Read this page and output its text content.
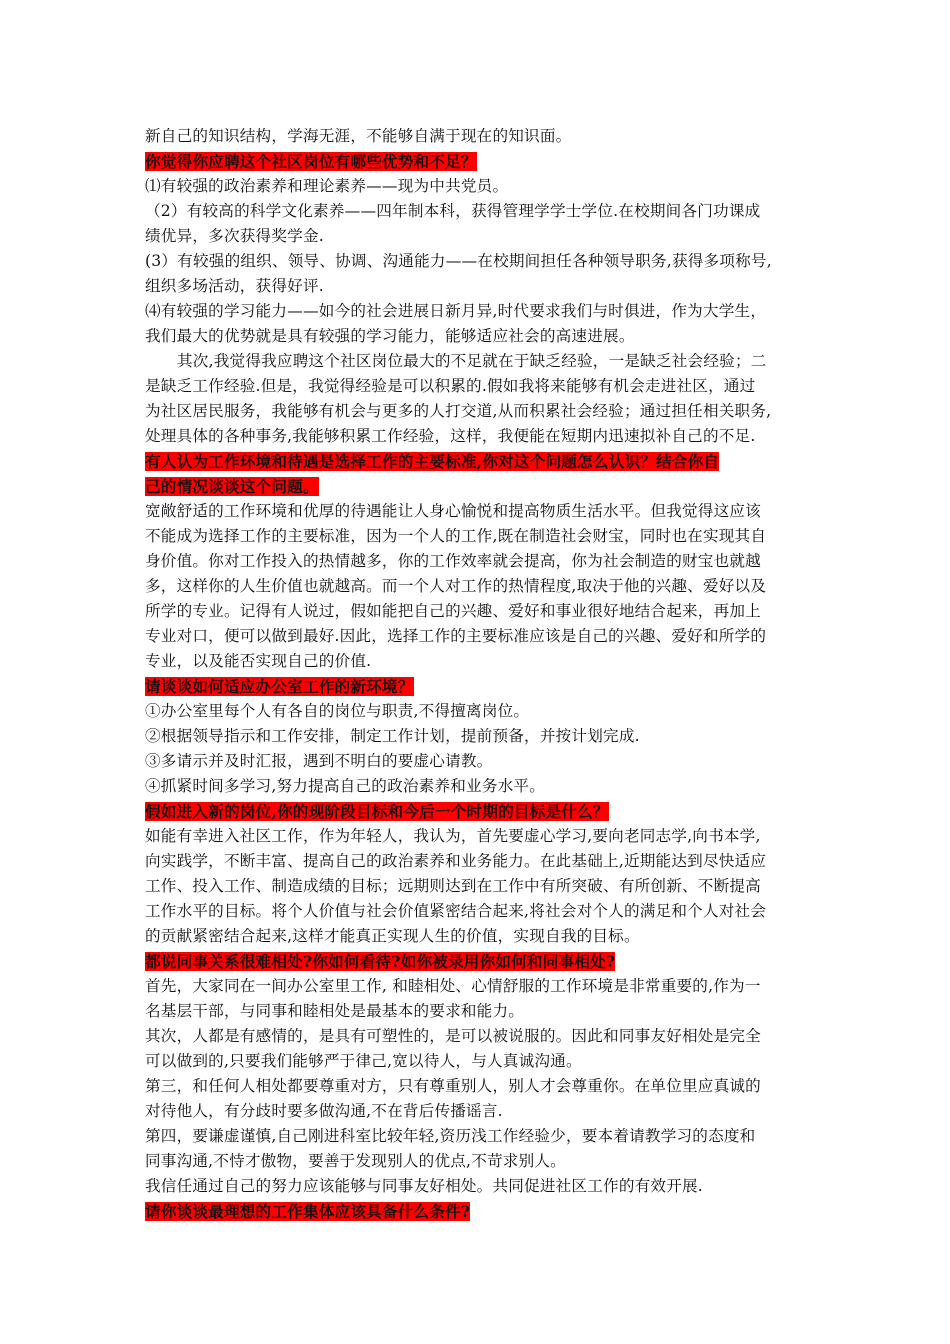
新自己的知识结构，学海无涯，不能够自满于现在的知识面。
你觉得你应聘这个社区岗位有哪些优势和不足？
⑴有较强的政治素养和理论素养——现为中共党员。
（2）有较高的科学文化素养——四年制本科，获得管理学学士学位.在校期间各门功课成
绩优异，多次获得奖学金.
(3）有较强的组织、领导、协调、沟通能力——在校期间担任各种领导职务,获得多项称号,
组织多场活动，获得好评.
⑷有较强的学习能力——如今的社会进展日新月异,时代要求我们与时俱进，作为大学生，
我们最大的优势就是具有较强的学习能力，能够适应社会的高速进展。
其次,我觉得我应聘这个社区岗位最大的不足就在于缺乏经验，一是缺乏社会经验；二
是缺乏工作经验.但是，我觉得经验是可以积累的.假如我将来能够有机会走进社区，通过
为社区居民服务，我能够有机会与更多的人打交道,从而积累社会经验；通过担任相关职务,
处理具体的各种事务,我能够积累工作经验，这样，我便能在短期内迅速拟补自己的不足.
有人认为工作环境和待遇是选择工作的主要标准,你对这个问题怎么认识？结合你自
己的情况谈谈这个问题。
宽敞舒适的工作环境和优厚的待遇能让人身心愉悦和提高物质生活水平。但我觉得这应该
不能成为选择工作的主要标准，因为一个人的工作,既在制造社会财宝，同时也在实现其自
身价值。你对工作投入的热情越多，你的工作效率就会提高，你为社会制造的财宝也就越
多，这样你的人生价值也就越高。而一个人对工作的热情程度,取决于他的兴趣、爱好以及
所学的专业。记得有人说过，假如能把自己的兴趣、爱好和事业很好地结合起来，再加上
专业对口，便可以做到最好.因此，选择工作的主要标准应该是自己的兴趣、爱好和所学的
专业，以及能否实现自己的价值.
请谈谈如何适应办公室工作的新环境？
①办公室里每个人有各自的岗位与职责,不得擅离岗位。
②根据领导指示和工作安排，制定工作计划，提前预备，并按计划完成.
③多请示并及时汇报，遇到不明白的要虚心请教。
④抓紧时间多学习,努力提高自己的政治素养和业务水平。
假如进入新的岗位,你的现阶段目标和今后一个时期的目标是什么？
如能有幸进入社区工作，作为年轻人，我认为，首先要虚心学习,要向老同志学,向书本学,
向实践学，不断丰富、提高自己的政治素养和业务能力。在此基础上,近期能达到尽快适应
工作、投入工作、制造成绩的目标；远期则达到在工作中有所突破、有所创新、不断提高
工作水平的目标。将个人价值与社会价值紧密结合起来,将社会对个人的满足和个人对社会
的贡献紧密结合起来,这样才能真正实现人生的价值，实现自我的目标。
都说同事关系很难相处?你如何看待?如你被录用你如何和同事相处?
首先，大家同在一间办公室里工作, 和睦相处、心情舒服的工作环境是非常重要的,作为一
名基层干部，与同事和睦相处是最基本的要求和能力。
其次，人都是有感情的，是具有可塑性的，是可以被说服的。因此和同事友好相处是完全
可以做到的,只要我们能够严于律己,宽以待人，与人真诚沟通。
第三，和任何人相处都要尊重对方，只有尊重别人，别人才会尊重你。在单位里应真诚的
对待他人，有分歧时要多做沟通,不在背后传播谣言.
第四，要谦虚谨慎,自己刚进科室比较年轻,资历浅工作经验少，要本着请教学习的态度和
同事沟通,不恃才傲物，要善于发现别人的优点,不苛求别人。
我信任通过自己的努力应该能够与同事友好相处。共同促进社区工作的有效开展.
请你谈谈最理想的工作集体应该具备什么条件?
